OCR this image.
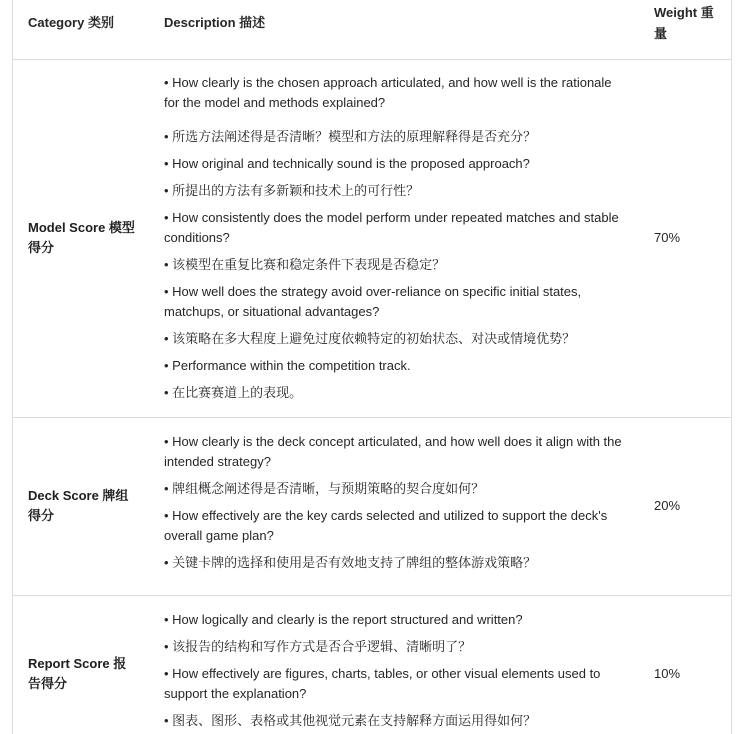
Category 类别	Description 描述
Weight 重量
Model Score 模型得分
70%

• How clearly is the chosen approach articulated, and how well is the rationale for the model and methods explained?

• 所选方法阐述得是否清晰？模型和方法的原理解释得是否充分？

• How original and technically sound is the proposed approach?

• 所提出的方法有多新颖和技术上的可行性？

• How consistently does the model perform under repeated matches and stable conditions?

• 该模型在重复比赛和稳定条件下表现是否稳定？

• How well does the strategy avoid over-reliance on specific initial states, matchups, or situational advantages?

• 该策略在多大程度上避免过度依赖特定的初始状态、对决或情境优势？

• Performance within the competition track.

• 在比赛赛道上的表现。

Deck Score 牌组得分
20%

• How clearly is the deck concept articulated, and how well does it align with the intended strategy?

• 牌组概念阐述得是否清晰，与预期策略的契合度如何？

• How effectively are the key cards selected and utilized to support the deck's overall game plan?

• 关键卡牌的选择和使用是否有效地支持了牌组的整体游戏策略？

Report Score 报告得分
10%

• How logically and clearly is the report structured and written?

• 该报告的结构和写作方式是否合乎逻辑、清晰明了？

• How effectively are figures, charts, tables, or other visual elements used to support the explanation?

• 图表、图形、表格或其他视觉元素在支持解释方面运用得如何？
